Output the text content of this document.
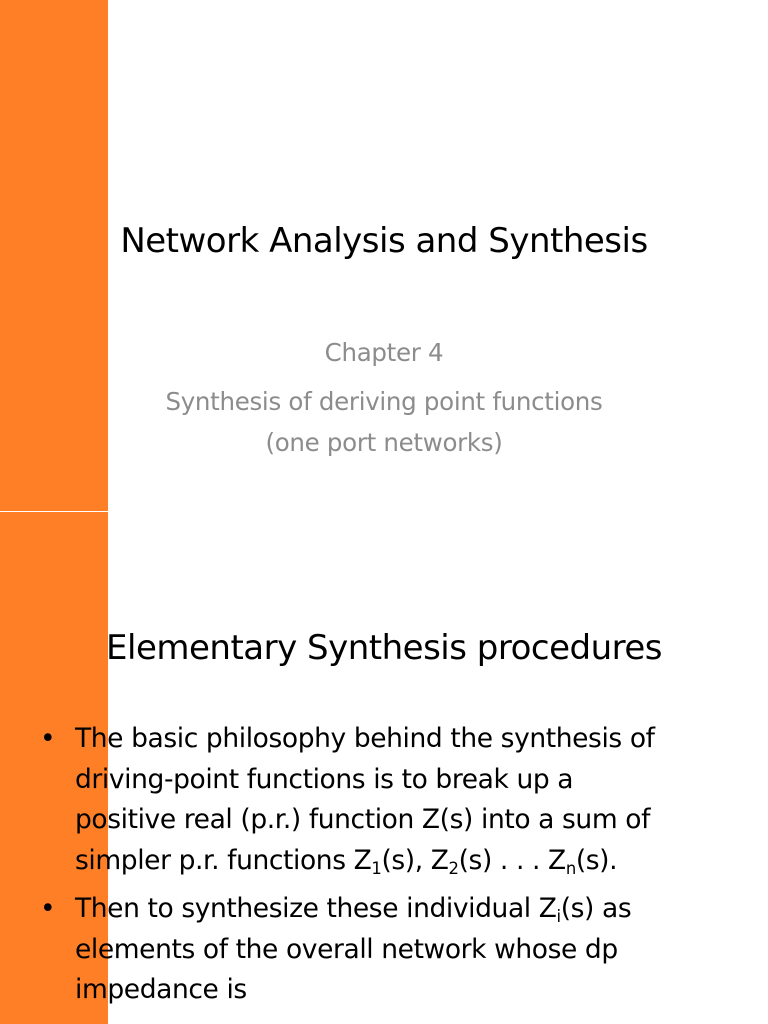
Network Analysis and Synthesis

Chapter 4

Synthesis of deriving point functions
(one port networks)

Elementary Synthesis procedures
• The basic philosophy behind the synthesis of
driving-point functions is to break up a
positive real (p.r.) function Z(s) into a sum of
simpler p.r. functions $Z_1(s)$, $Z_2(s)$ . . . $Z_n(s)$.
• Then to synthesize these individual $Z_i(s)$ as
elements of the overall network whose dp
impedance is
